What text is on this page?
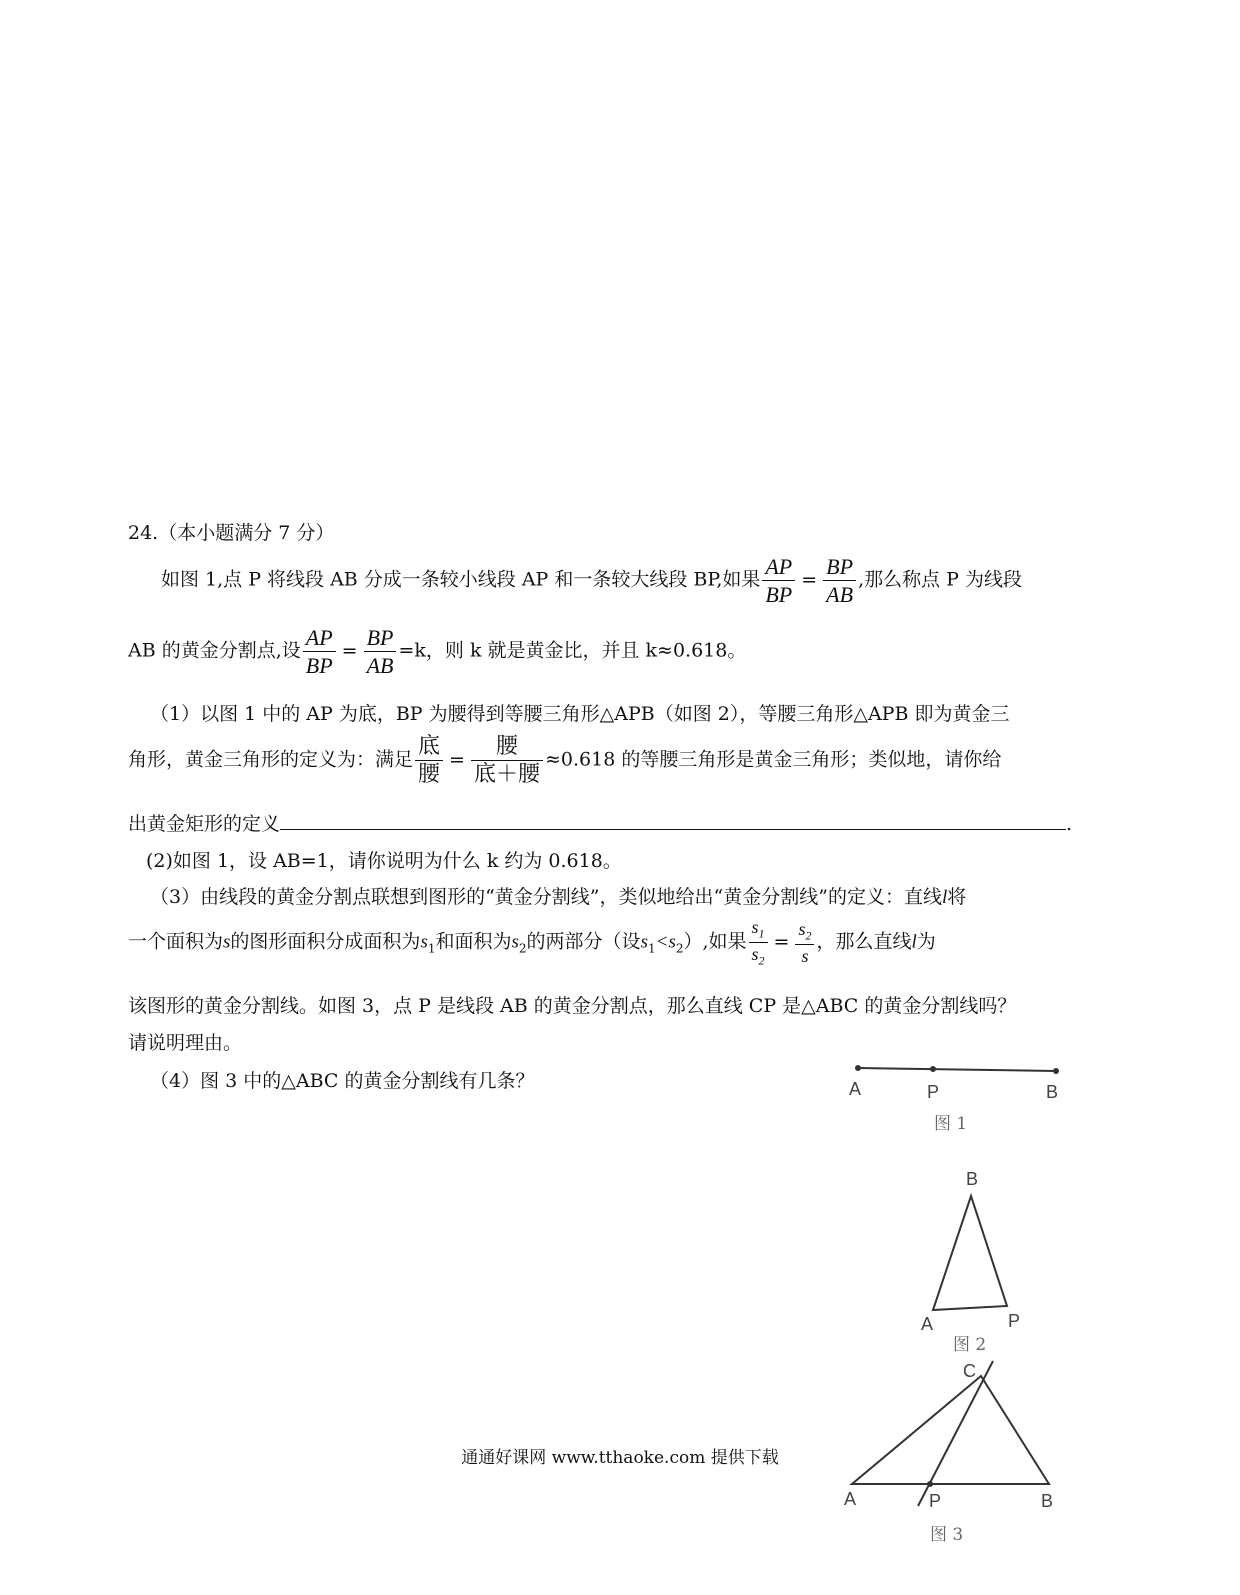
24.（本小题满分 7 分）
如图 1,点 P 将线段 AB 分成一条较小线段 AP 和一条较大线段 BP,如果 $\frac{AP}{BP} = \frac{BP}{AB}$ ,那么称点 P 为线段
AB 的黄金分割点,设 $\frac{AP}{BP} = \frac{BP}{AB} =k$，则 k 就是黄金比，并且 k≈0.618。
（1）以图 1 中的 AP 为底，BP 为腰得到等腰三角形△APB（如图 2），等腰三角形△APB 即为黄金三
角形，黄金三角形的定义为：满足 $\frac{\text{底}}{\text{腰}} = \frac{\text{腰}}{\text{底＋腰}} \approx 0.618$ 的等腰三角形是黄金三角形；类似地，请你给
出黄金矩形的定义	.
(2)如图 1，设 AB=1，请你说明为什么 k 约为 0.618。
（3）由线段的黄金分割点联想到图形的“黄金分割线”，类似地给出“黄金分割线”的定义：直线l将
一个面积为s的图形面积分成面积为$s_1$和面积为$s_2$的两部分（设$s_1<s_2$）,如果 $\frac{s_1}{s_2} = \frac{s_2}{s}$ ，那么直线l为
该图形的黄金分割线。如图 3，点 P 是线段 AB 的黄金分割点，那么直线 CP 是△ABC 的黄金分割线吗？
请说明理由。
（4）图 3 中的△ABC 的黄金分割线有几条？	A	P	B
图 1
B
A	P
图 2
C
A	P	B
图 3
通通好课网 www.tthaoke.com 提供下载
